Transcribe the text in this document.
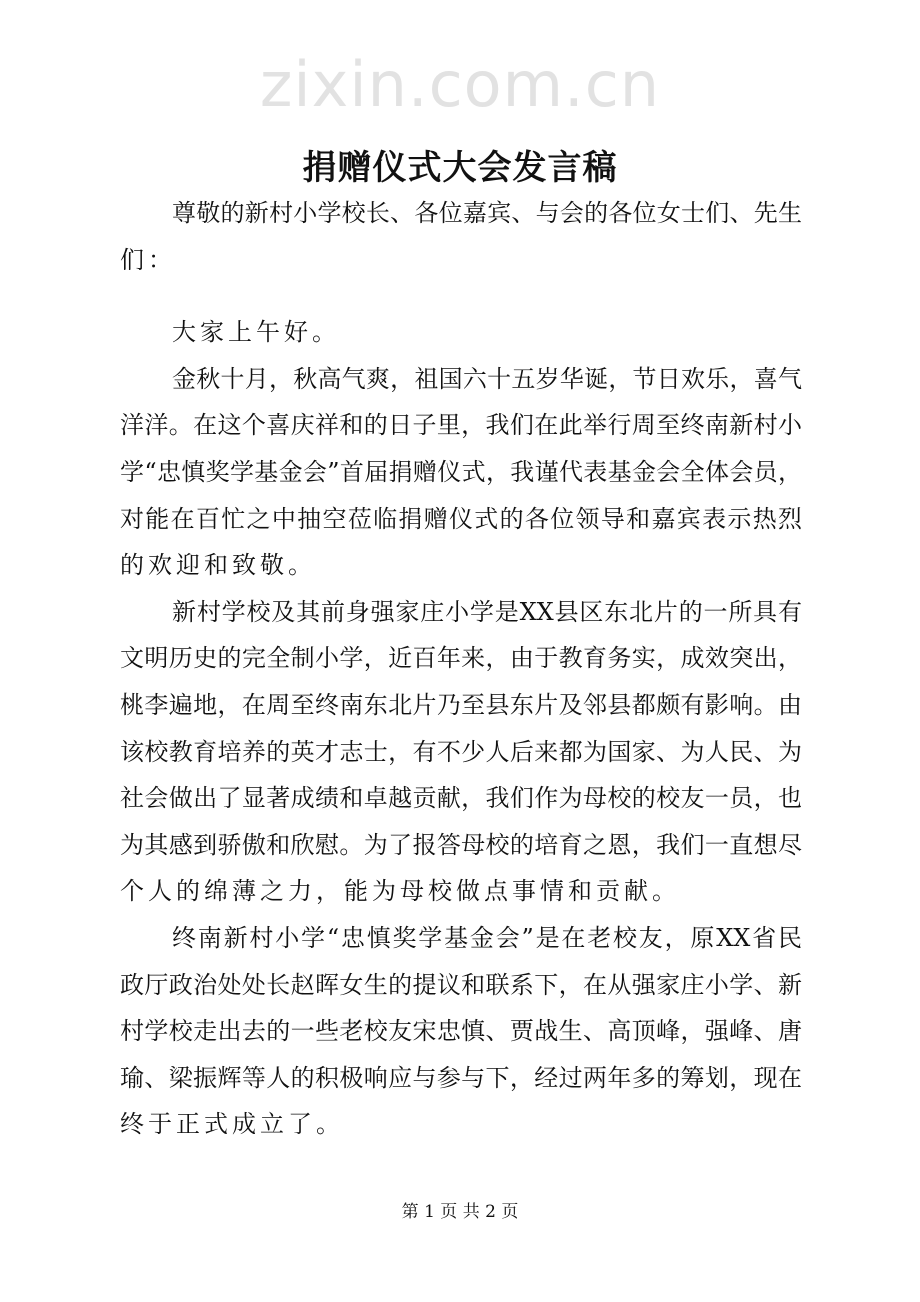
zixin.com.cn
捐赠仪式大会发言稿
尊敬的新村小学校长、各位嘉宾、与会的各位女士们、先生
们：
大家上午好。
金秋十月，秋高气爽，祖国六十五岁华诞，节日欢乐，喜气
洋洋。在这个喜庆祥和的日子里，我们在此举行周至终南新村小
学“忠慎奖学基金会”首届捐赠仪式，我谨代表基金会全体会员，
对能在百忙之中抽空莅临捐赠仪式的各位领导和嘉宾表示热烈
的欢迎和致敬。
新村学校及其前身强家庄小学是XX县区东北片的一所具有
文明历史的完全制小学，近百年来，由于教育务实，成效突出，
桃李遍地，在周至终南东北片乃至县东片及邻县都颇有影响。由
该校教育培养的英才志士，有不少人后来都为国家、为人民、为
社会做出了显著成绩和卓越贡献，我们作为母校的校友一员，也
为其感到骄傲和欣慰。为了报答母校的培育之恩，我们一直想尽
个人的绵薄之力，能为母校做点事情和贡献。
终南新村小学“忠慎奖学基金会”是在老校友，原XX省民
政厅政治处处长赵晖女生的提议和联系下，在从强家庄小学、新
村学校走出去的一些老校友宋忠慎、贾战生、高顶峰，强峰、唐
瑜、梁振辉等人的积极响应与参与下，经过两年多的筹划，现在
终于正式成立了。
第 1 页 共 2 页
